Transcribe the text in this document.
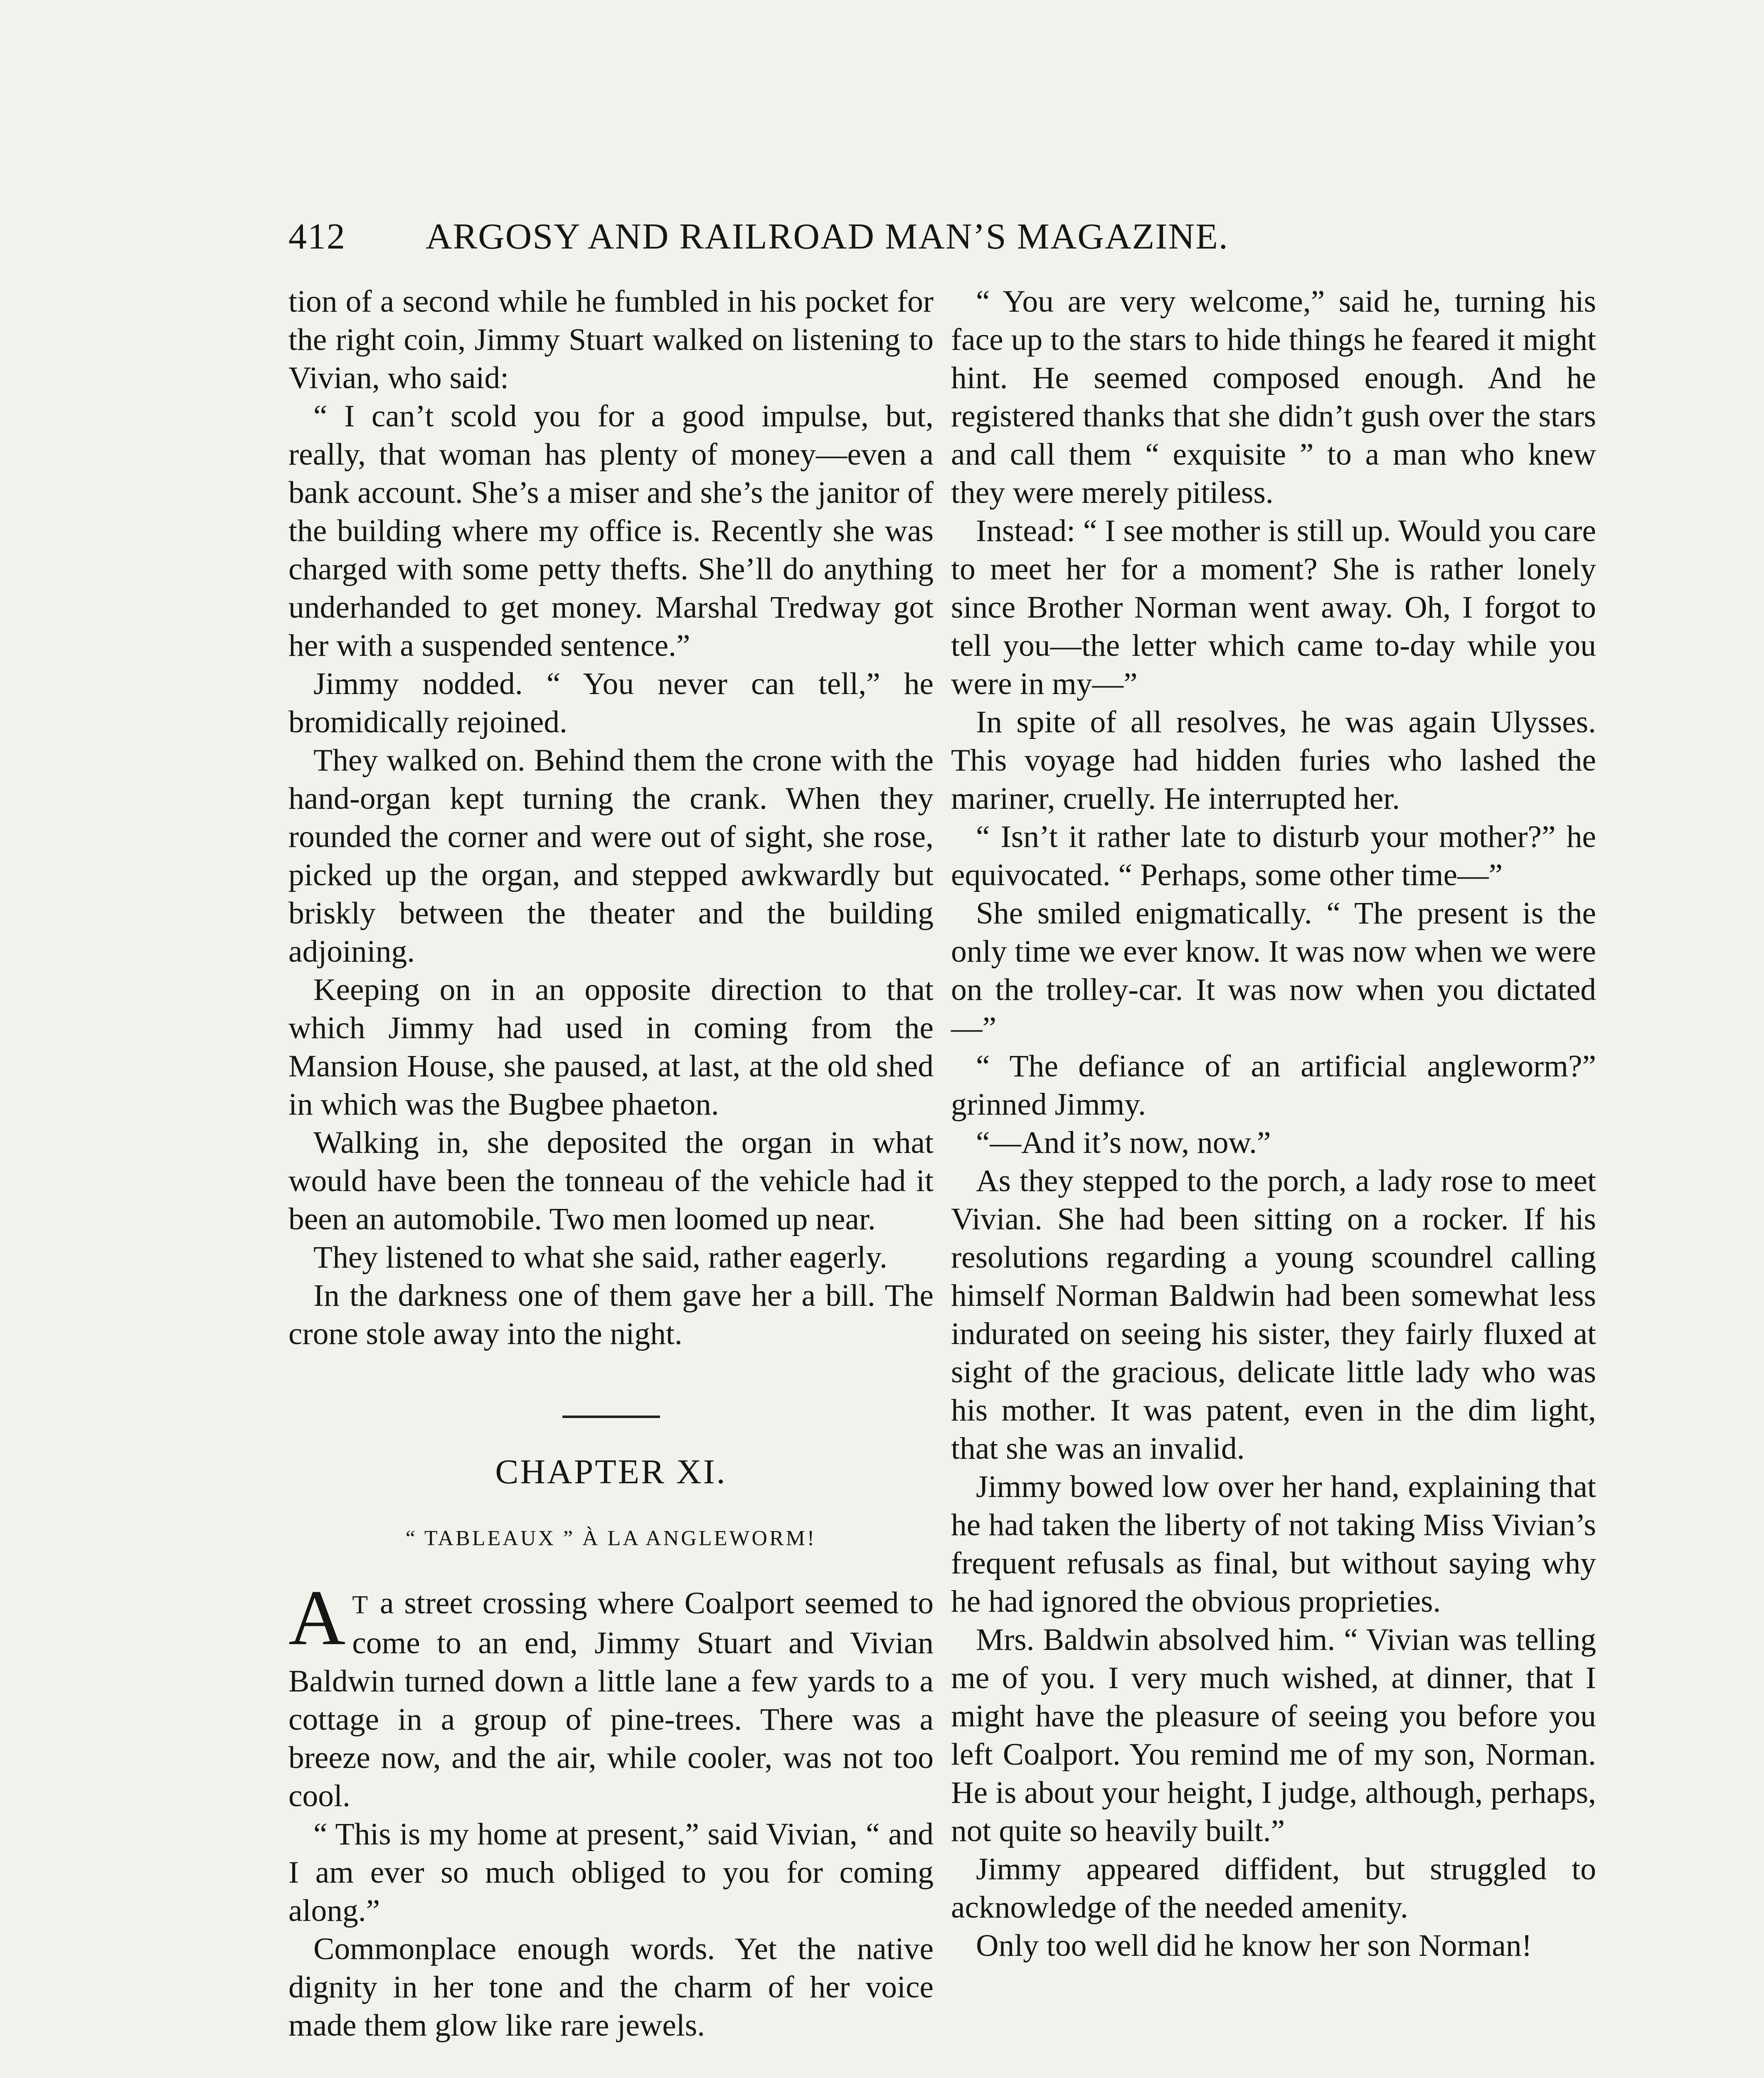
412 ARGOSY AND RAILROAD MAN’S MAGAZINE.

tion of a second while he fumbled in his pocket for the right coin, Jimmy Stuart walked on listening to Vivian, who said:

“ I can’t scold you for a good impulse, but, really, that woman has plenty of money—even a bank account. She’s a miser and she’s the janitor of the building where my office is. Recently she was charged with some petty thefts. She’ll do anything underhanded to get money. Marshal Tredway got her with a suspended sentence.”

Jimmy nodded. “ You never can tell,” he bromidically rejoined.

They walked on. Behind them the crone with the hand-organ kept turning the crank. When they rounded the corner and were out of sight, she rose, picked up the organ, and stepped awkwardly but briskly between the theater and the building adjoining.

Keeping on in an opposite direction to that which Jimmy had used in coming from the Mansion House, she paused, at last, at the old shed in which was the Bugbee phaeton.

Walking in, she deposited the organ in what would have been the tonneau of the vehicle had it been an automobile. Two men loomed up near.

They listened to what she said, rather eagerly.

In the darkness one of them gave her a bill. The crone stole away into the night.

CHAPTER XI.
“ TABLEAUX ” À LA ANGLEWORM!

A T a street crossing where Coalport seemed to come to an end, Jimmy Stuart and Vivian Baldwin turned down a little lane a few yards to a cottage in a group of pine-trees. There was a breeze now, and the air, while cooler, was not too cool.

“ This is my home at present,” said Vivian, “ and I am ever so much obliged to you for coming along.”

Commonplace enough words. Yet the native dignity in her tone and the charm of her voice made them glow like rare jewels.

“ You are very welcome,” said he, turning his face up to the stars to hide things he feared it might hint. He seemed composed enough. And he registered thanks that she didn’t gush over the stars and call them “ exquisite ” to a man who knew they were merely pitiless.

Instead: “ I see mother is still up. Would you care to meet her for a moment? She is rather lonely since Brother Norman went away. Oh, I forgot to tell you—the letter which came to-day while you were in my—”

In spite of all resolves, he was again Ulysses. This voyage had hidden furies who lashed the mariner, cruelly. He interrupted her.

“ Isn’t it rather late to disturb your mother?” he equivocated. “ Perhaps, some other time—”

She smiled enigmatically. “ The present is the only time we ever know. It was now when we were on the trolley-car. It was now when you dictated—”

“ The defiance of an artificial angleworm?” grinned Jimmy.

“—And it’s now, now.”

As they stepped to the porch, a lady rose to meet Vivian. She had been sitting on a rocker. If his resolutions regarding a young scoundrel calling himself Norman Baldwin had been somewhat less indurated on seeing his sister, they fairly fluxed at sight of the gracious, delicate little lady who was his mother. It was patent, even in the dim light, that she was an invalid.

Jimmy bowed low over her hand, explaining that he had taken the liberty of not taking Miss Vivian’s frequent refusals as final, but without saying why he had ignored the obvious proprieties.

Mrs. Baldwin absolved him. “ Vivian was telling me of you. I very much wished, at dinner, that I might have the pleasure of seeing you before you left Coalport. You remind me of my son, Norman. He is about your height, I judge, although, perhaps, not quite so heavily built.”

Jimmy appeared diffident, but struggled to acknowledge of the needed amenity.

Only too well did he know her son Norman!
